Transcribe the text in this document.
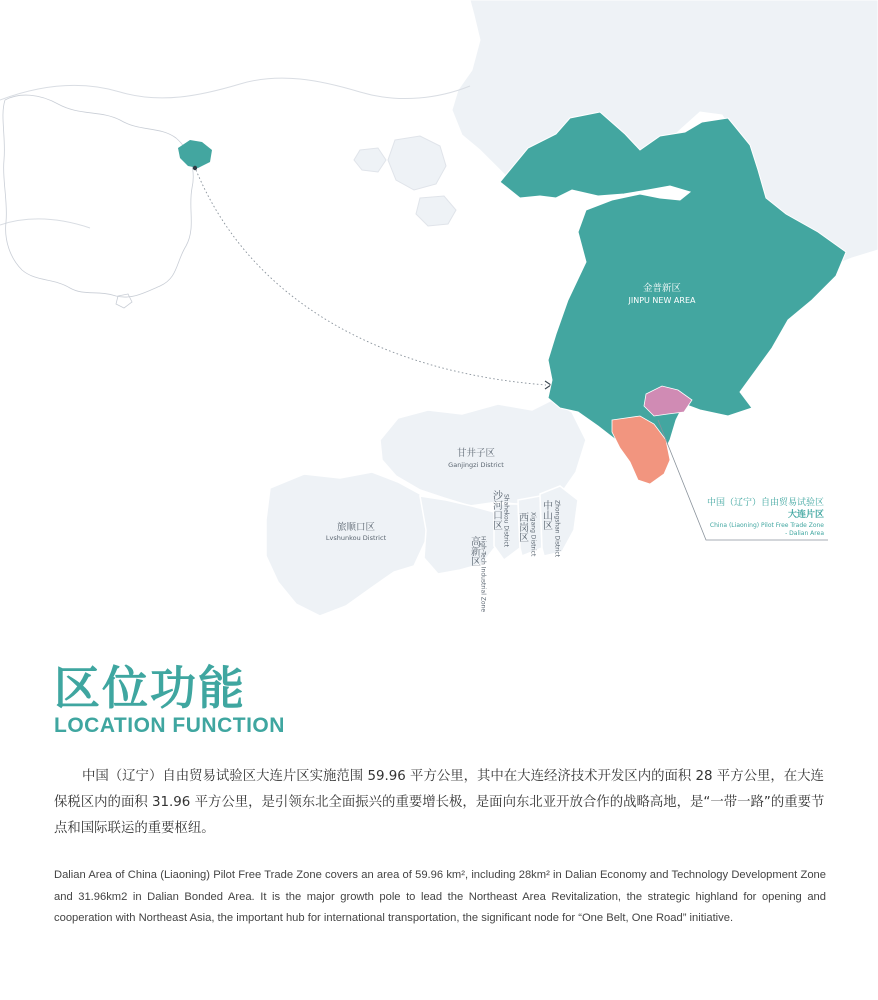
金普新区
JINPU NEW AREA
甘井子区
Ganjingzi District
旅顺口区
Lvshunkou District
沙河口区 Shahekou District 西岗区 Xigang District 中山区 Zhongshan District
高新区 High-Tech Industrial Zone
中国（辽宁）自由贸易试验区
大连片区
China (Liaoning) Pilot Free Trade Zone
- Dalian Area
区位功能
LOCATION FUNCTION

中国（辽宁）自由贸易试验区大连片区实施范围 59.96 平方公里，其中在大连经济技术开发区内的面积 28 平方公里，在大连保税区内的面积 31.96 平方公里，是引领东北全面振兴的重要增长极，是面向东北亚开放合作的战略高地，是“一带一路”的重要节点和国际联运的重要枢纽。

Dalian Area of China (Liaoning) Pilot Free Trade Zone covers an area of 59.96 km², including 28km² in Dalian Economy and Technology Development Zone and 31.96km2 in Dalian Bonded Area. It is the major growth pole to lead the Northeast Area Revitalization, the strategic highland for opening and cooperation with Northeast Asia, the important hub for international transportation, the significant node for “One Belt, One Road” initiative.
